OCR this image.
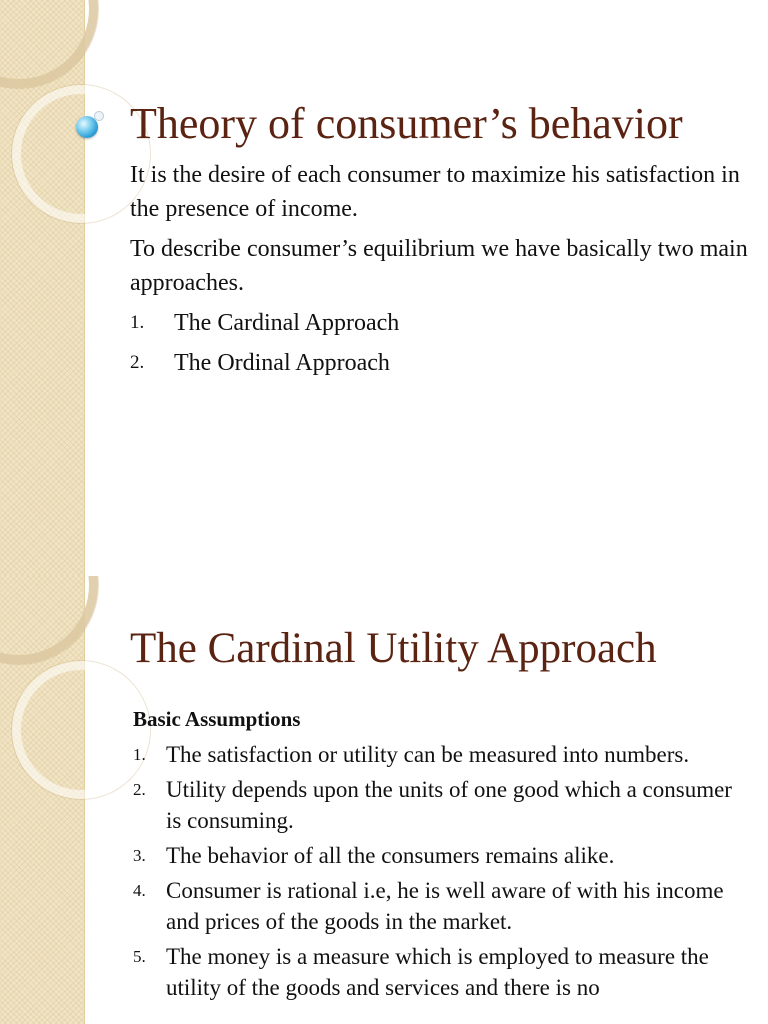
Theory of consumer’s behavior

It is the desire of each consumer to maximize his satisfaction in the presence of income.

To describe consumer’s equilibrium we have basically two main approaches.

1.	The Cardinal Approach
2.	The Ordinal Approach
The Cardinal Utility Approach
Basic Assumptions
1. The satisfaction or utility can be measured into numbers.
2. Utility depends upon the units of one good which a consumer is consuming.
3. The behavior of all the consumers remains alike.
4. Consumer is rational i.e, he is well aware of with his income and prices of the goods in the market.
5. The money is a measure which is employed to measure the utility of the goods and services and there is no
